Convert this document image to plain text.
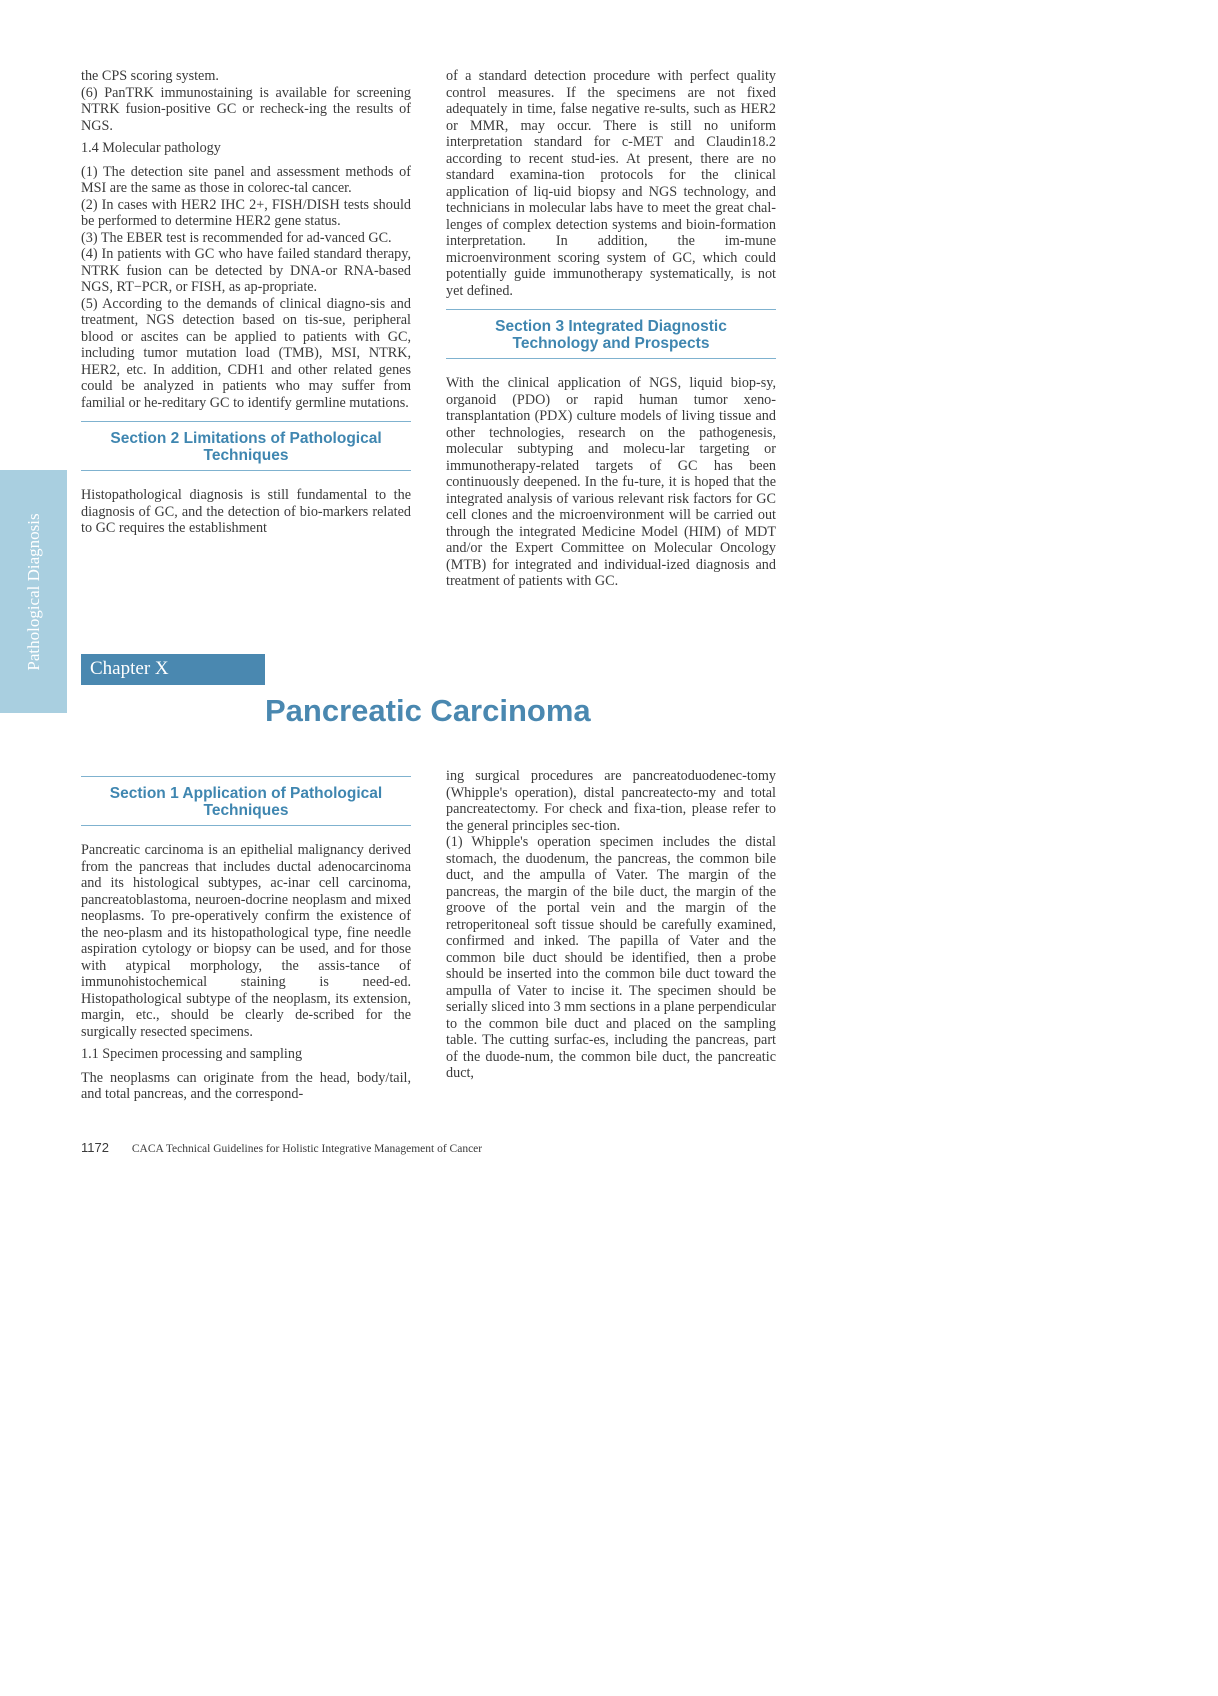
Pathological Diagnosis

the CPS scoring system.

(6) PanTRK immunostaining is available for screening NTRK fusion-positive GC or recheck-ing the results of NGS.

1.4 Molecular pathology

(1) The detection site panel and assessment methods of MSI are the same as those in colorec-tal cancer.

(2) In cases with HER2 IHC 2+, FISH/DISH tests should be performed to determine HER2 gene status.

(3) The EBER test is recommended for ad-vanced GC.

(4) In patients with GC who have failed standard therapy, NTRK fusion can be detected by DNA-or RNA-based NGS, RT−PCR, or FISH, as ap-propriate.

(5) According to the demands of clinical diagno-sis and treatment, NGS detection based on tis-sue, peripheral blood or ascites can be applied to patients with GC, including tumor mutation load (TMB), MSI, NTRK, HER2, etc. In addition, CDH1 and other related genes could be analyzed in patients who may suffer from familial or he-reditary GC to identify germline mutations.

Section 2 Limitations of Pathological
Techniques

Histopathological diagnosis is still fundamental to the diagnosis of GC, and the detection of bio-markers related to GC requires the establishment

of a standard detection procedure with perfect quality control measures. If the specimens are not fixed adequately in time, false negative re-sults, such as HER2 or MMR, may occur. There is still no uniform interpretation standard for c-MET and Claudin18.2 according to recent stud-ies. At present, there are no standard examina-tion protocols for the clinical application of liq-uid biopsy and NGS technology, and technicians in molecular labs have to meet the great chal-lenges of complex detection systems and bioin-formation interpretation. In addition, the im-mune microenvironment scoring system of GC, which could potentially guide immunotherapy systematically, is not yet defined.

Section 3 Integrated Diagnostic
Technology and Prospects

With the clinical application of NGS, liquid biop-sy, organoid (PDO) or rapid human tumor xeno-transplantation (PDX) culture models of living tissue and other technologies, research on the pathogenesis, molecular subtyping and molecu-lar targeting or immunotherapy-related targets of GC has been continuously deepened. In the fu-ture, it is hoped that the integrated analysis of various relevant risk factors for GC cell clones and the microenvironment will be carried out through the integrated Medicine Model (HIM) of MDT and/or the Expert Committee on Molecular Oncology (MTB) for integrated and individual-ized diagnosis and treatment of patients with GC.

Chapter X
Pancreatic Carcinoma
Section 1 Application of Pathological
Techniques

Pancreatic carcinoma is an epithelial malignancy derived from the pancreas that includes ductal adenocarcinoma and its histological subtypes, ac-inar cell carcinoma, pancreatoblastoma, neuroen-docrine neoplasm and mixed neoplasms. To pre-operatively confirm the existence of the neo-plasm and its histopathological type, fine needle aspiration cytology or biopsy can be used, and for those with atypical morphology, the assis-tance of immunohistochemical staining is need-ed. Histopathological subtype of the neoplasm, its extension, margin, etc., should be clearly de-scribed for the surgically resected specimens.

1.1 Specimen processing and sampling

The neoplasms can originate from the head, body/tail, and total pancreas, and the correspond-

ing surgical procedures are pancreatoduodenec-tomy (Whipple's operation), distal pancreatecto-my and total pancreatectomy. For check and fixa-tion, please refer to the general principles sec-tion.

(1) Whipple's operation specimen includes the distal stomach, the duodenum, the pancreas, the common bile duct, and the ampulla of Vater. The margin of the pancreas, the margin of the bile duct, the margin of the groove of the portal vein and the margin of the retroperitoneal soft tissue should be carefully examined, confirmed and inked. The papilla of Vater and the common bile duct should be identified, then a probe should be inserted into the common bile duct toward the ampulla of Vater to incise it. The specimen should be serially sliced into 3 mm sections in a plane perpendicular to the common bile duct and placed on the sampling table. The cutting surfac-es, including the pancreas, part of the duode-num, the common bile duct, the pancreatic duct,

1172 CACA Technical Guidelines for Holistic Integrative Management of Cancer
